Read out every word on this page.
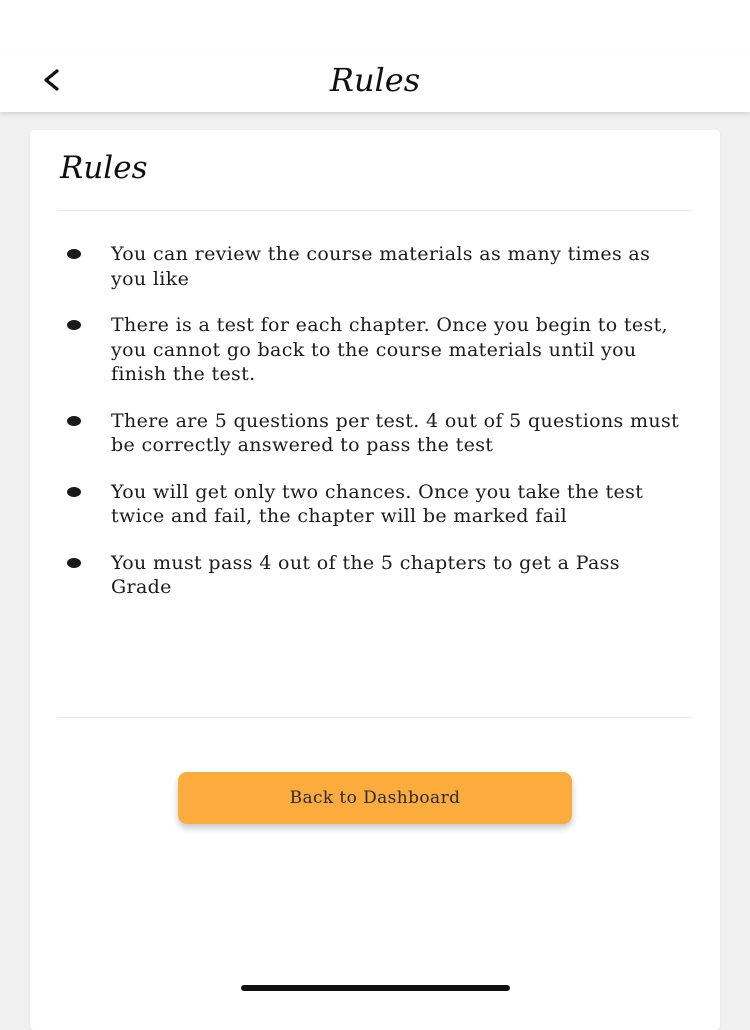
Rules
Rules
You can review the course materials as many times as you like
There is a test for each chapter. Once you begin to test, you cannot go back to the course materials until you finish the test.
There are 5 questions per test. 4 out of 5 questions must be correctly answered to pass the test
You will get only two chances. Once you take the test twice and fail, the chapter will be marked fail
You must pass 4 out of the 5 chapters to get a Pass Grade
Back to Dashboard
